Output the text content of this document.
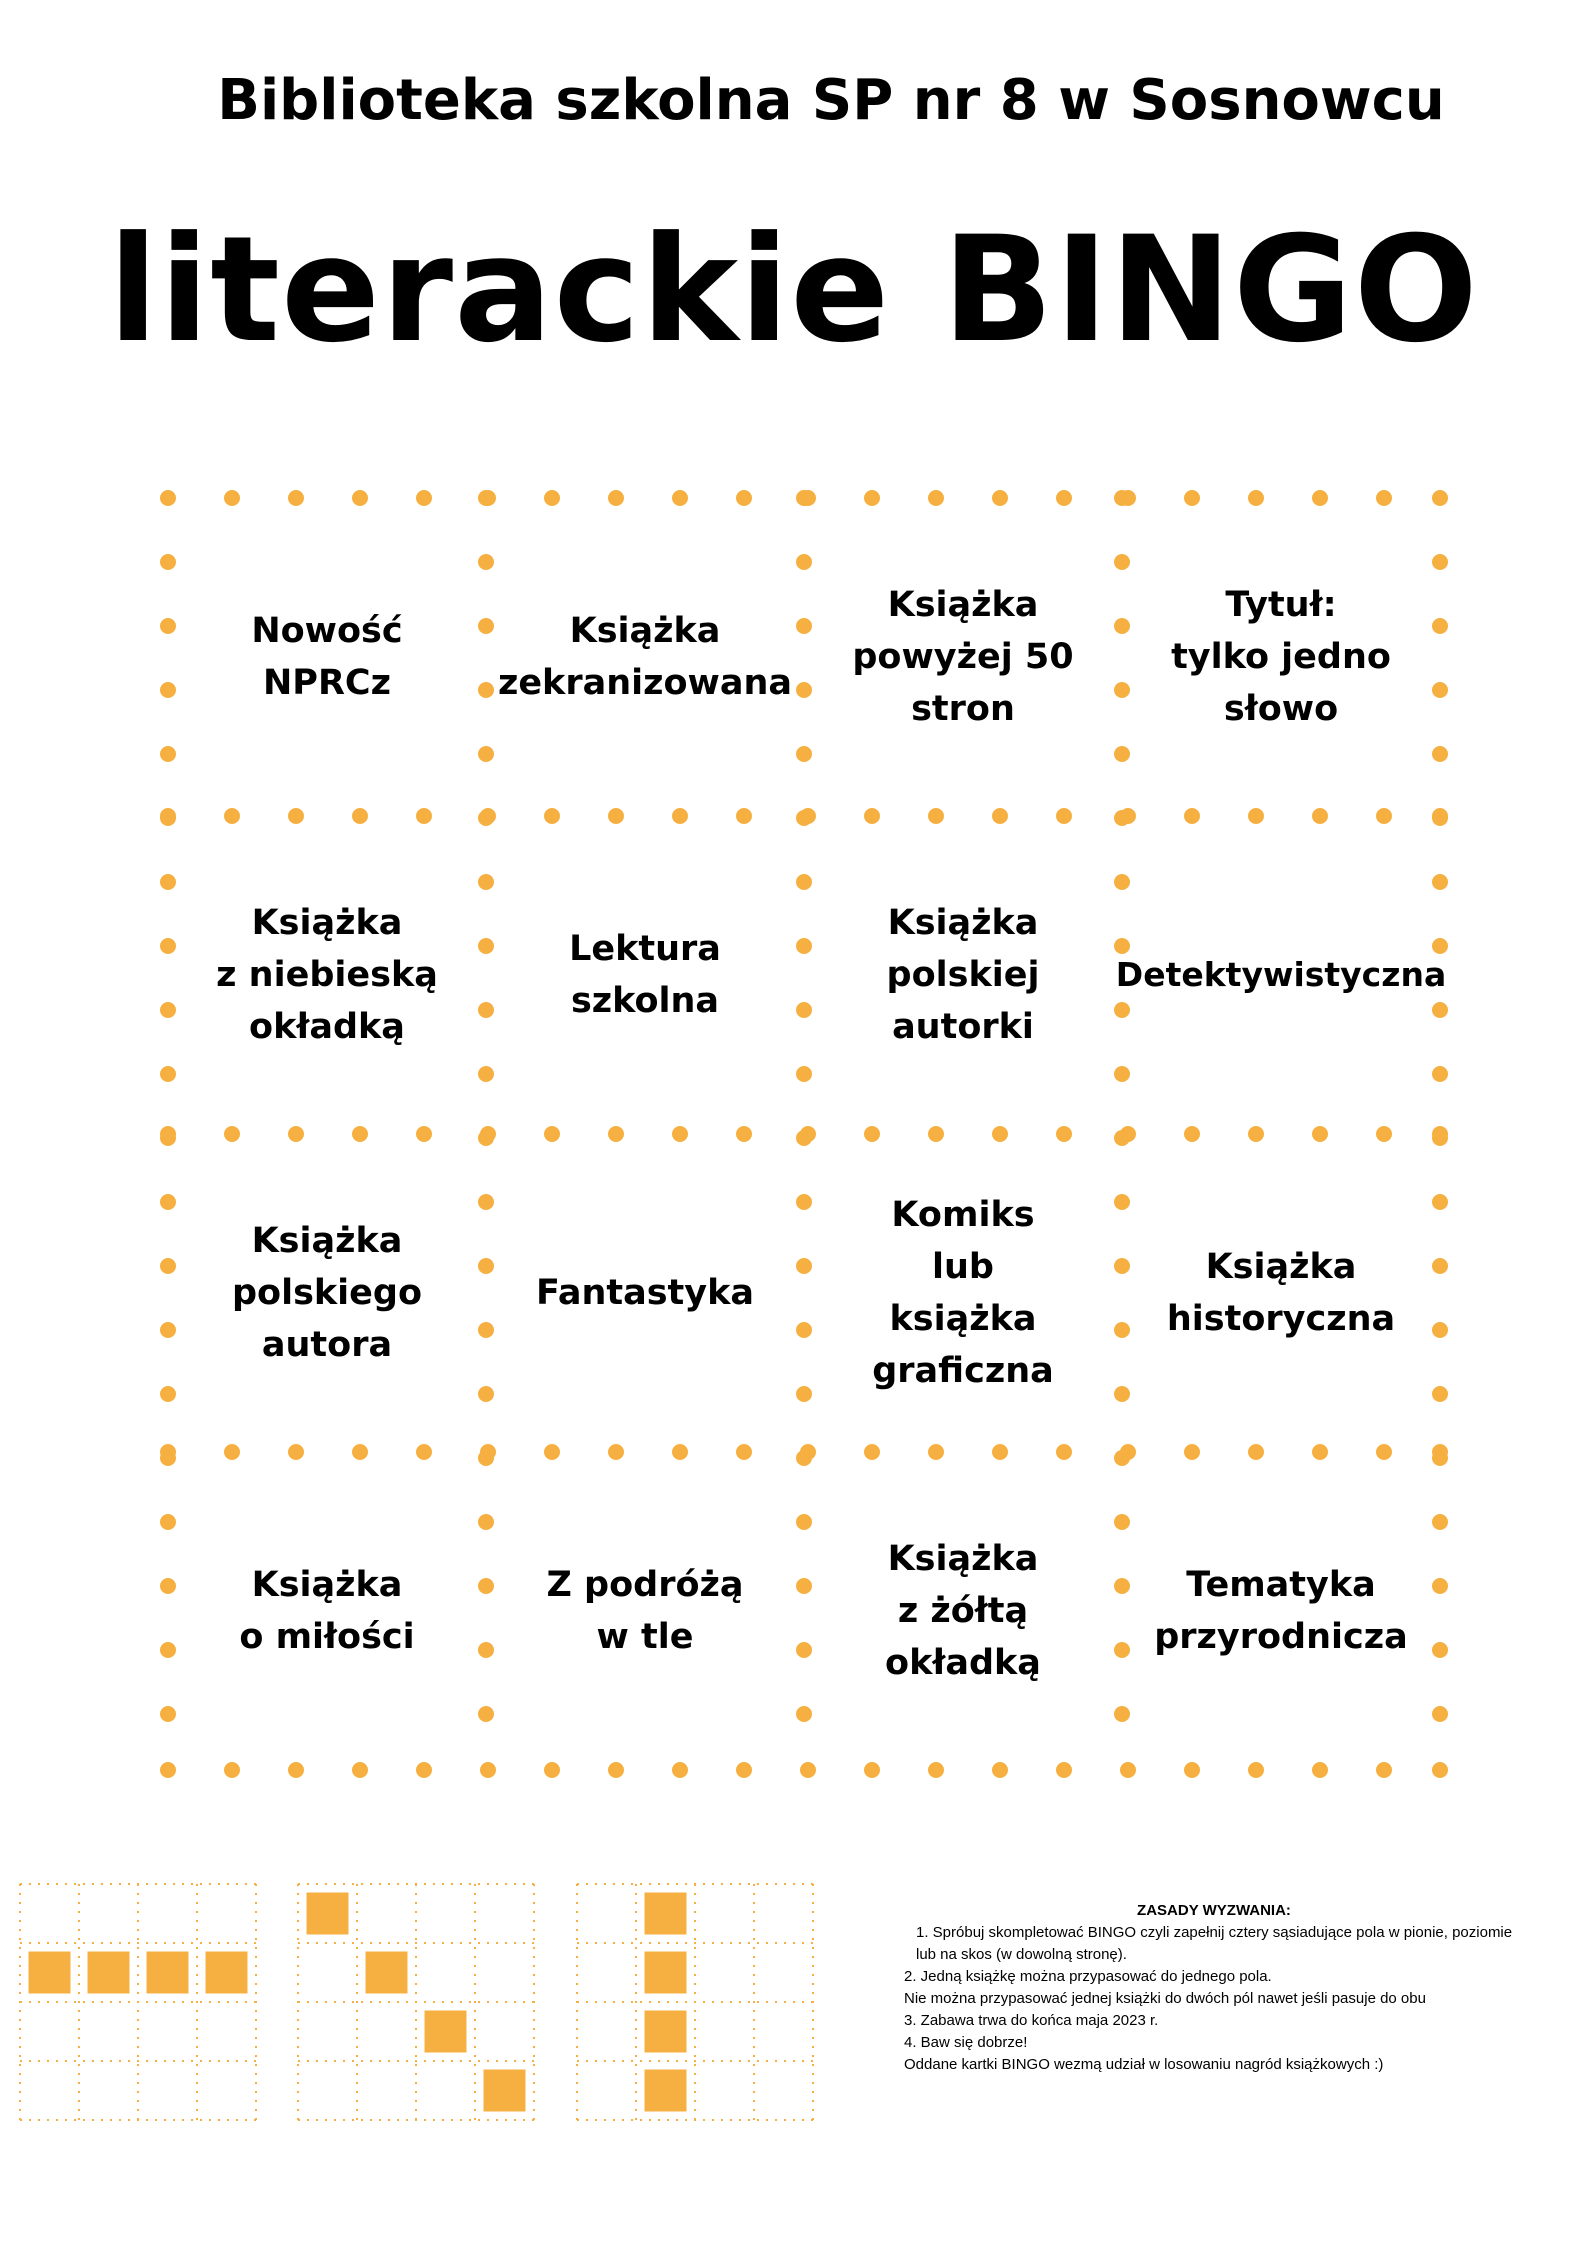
Biblioteka szkolna SP nr 8 w Sosnowcu
literackie BINGO
Nowość
NPRCz
Książka
zekranizowana
Książka
powyżej 50
stron
Tytuł:
tylko jedno
słowo
Książka
z niebieską
okładką
Lektura
szkolna
Książka
polskiej
autorki
Detektywistyczna
Książka
polskiego
autora
Fantastyka
Komiks
lub
książka
graficzna
Książka
historyczna
Książka
o miłości
Z podróżą
w tle
Książka
z żółtą
okładką
Tematyka
przyrodnicza

ZASADY WYZWANIA:

1. Spróbuj skompletować BINGO czyli zapełnij cztery sąsiadujące pola w pionie, poziomie lub na skos (w dowolną stronę).

2. Jedną książkę można przypasować do jednego pola.

Nie można przypasować jednej książki do dwóch pól nawet jeśli pasuje do obu

3. Zabawa trwa do końca maja 2023 r.

4. Baw się dobrze!

Oddane kartki BINGO wezmą udział w losowaniu nagród książkowych :)
